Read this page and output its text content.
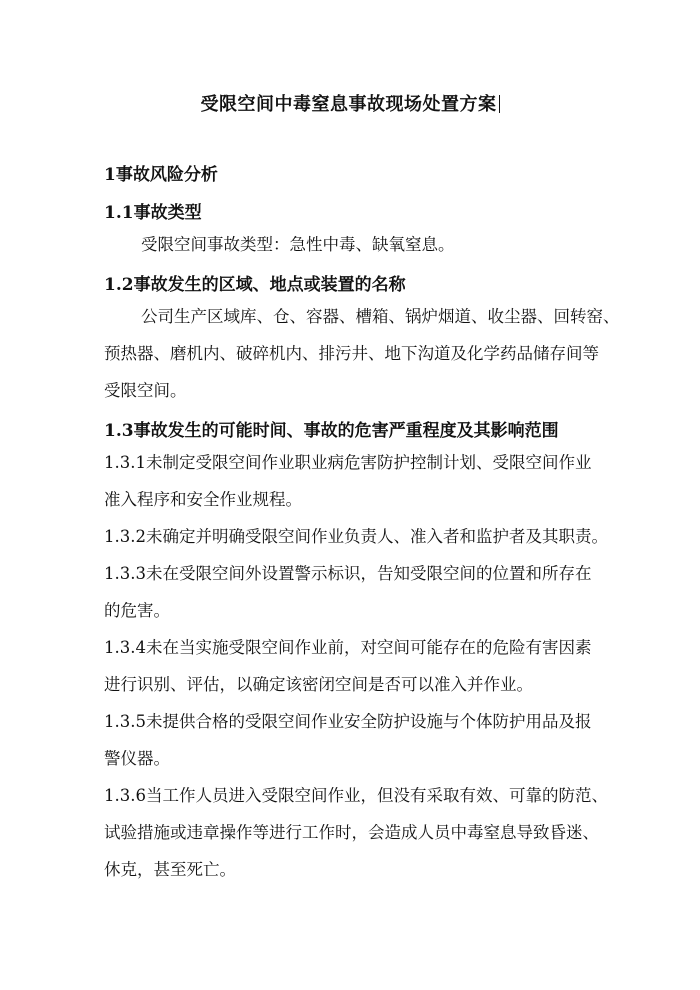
受限空间中毒窒息事故现场处置方案
1事故风险分析
1.1事故类型
受限空间事故类型：急性中毒、缺氧窒息。
1.2事故发生的区域、地点或装置的名称
公司生产区域库、仓、容器、槽箱、锅炉烟道、收尘器、回转窑、
预热器、磨机内、破碎机内、排污井、地下沟道及化学药品储存间等
受限空间。
1.3事故发生的可能时间、事故的危害严重程度及其影响范围
1.3.1未制定受限空间作业职业病危害防护控制计划、受限空间作业
准入程序和安全作业规程。
1.3.2未确定并明确受限空间作业负责人、准入者和监护者及其职责。
1.3.3未在受限空间外设置警示标识，告知受限空间的位置和所存在
的危害。
1.3.4未在当实施受限空间作业前，对空间可能存在的危险有害因素
进行识别、评估，以确定该密闭空间是否可以准入并作业。
1.3.5未提供合格的受限空间作业安全防护设施与个体防护用品及报
警仪器。
1.3.6当工作人员进入受限空间作业，但没有采取有效、可靠的防范、
试验措施或违章操作等进行工作时，会造成人员中毒窒息导致昏迷、
休克，甚至死亡。
